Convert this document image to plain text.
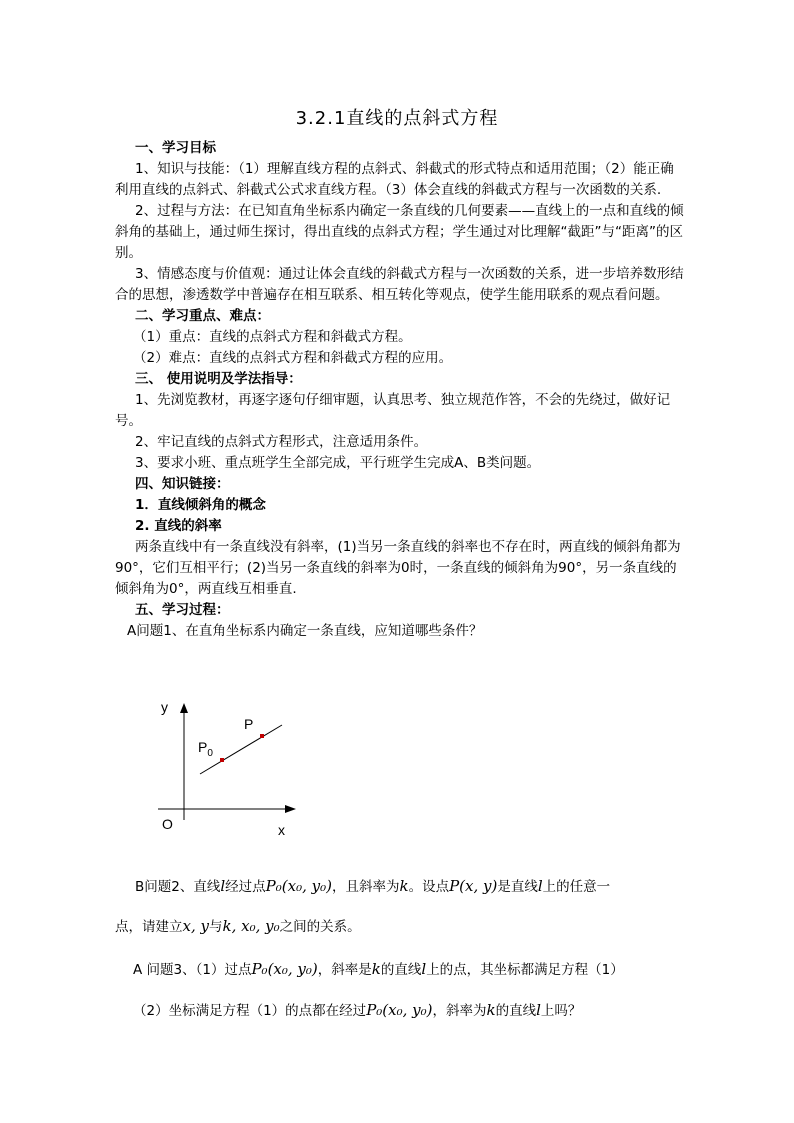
3.2.1直线的点斜式方程
一、学习目标
1、知识与技能：（1）理解直线方程的点斜式、斜截式的形式特点和适用范围；（2）能正确利用直线的点斜式、斜截式公式求直线方程。（3）体会直线的斜截式方程与一次函数的关系.
2、过程与方法：在已知直角坐标系内确定一条直线的几何要素——直线上的一点和直线的倾斜角的基础上，通过师生探讨，得出直线的点斜式方程；学生通过对比理解“截距”与“距离”的区别。
3、情感态度与价值观：通过让体会直线的斜截式方程与一次函数的关系，进一步培养数形结合的思想，渗透数学中普遍存在相互联系、相互转化等观点，使学生能用联系的观点看问题。
二、学习重点、难点：
（1）重点：直线的点斜式方程和斜截式方程。
（2）难点：直线的点斜式方程和斜截式方程的应用。
三、 使用说明及学法指导：
1、先浏览教材，再逐字逐句仔细审题，认真思考、独立规范作答，不会的先绕过，做好记号。
2、牢记直线的点斜式方程形式，注意适用条件。
3、要求小班、重点班学生全部完成，平行班学生完成A、B类问题。
四、知识链接：
1．直线倾斜角的概念
2. 直线的斜率
两条直线中有一条直线没有斜率，(1)当另一条直线的斜率也不存在时，两直线的倾斜角都为90°，它们互相平行；(2)当另一条直线的斜率为0时，一条直线的倾斜角为90°，另一条直线的倾斜角为0°，两直线互相垂直.
五、学习过程：
A问题1、在直角坐标系内确定一条直线，应知道哪些条件？
y
x
O
P
$P_0$
B问题2、直线l经过点P₀(x₀, y₀)，且斜率为k。设点P(x, y)是直线l上的任意一
点，请建立x, y与k, x₀, y₀之间的关系。
A 问题3、（1）过点P₀(x₀, y₀)，斜率是k的直线l上的点，其坐标都满足方程（1）
（2）坐标满足方程（1）的点都在经过P₀(x₀, y₀)，斜率为k的直线l上吗？
